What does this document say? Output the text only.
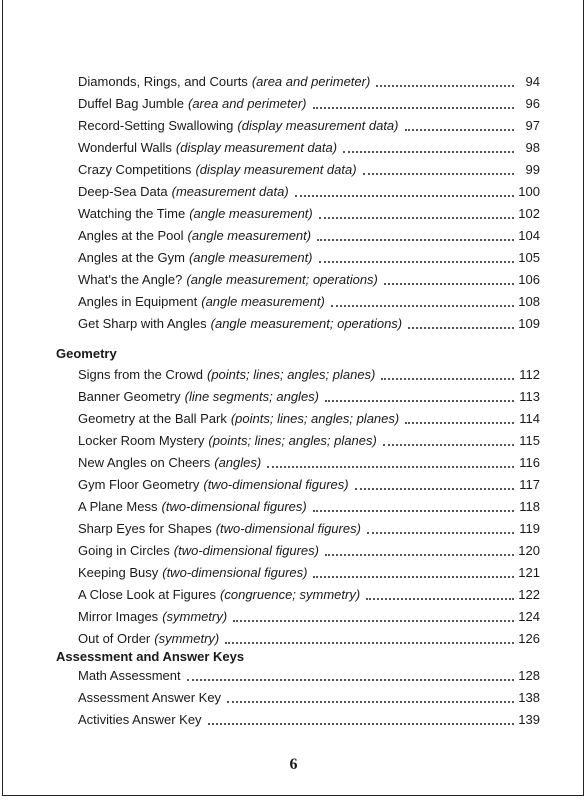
Diamonds, Rings, and Courts (area and perimeter)	94
Duffel Bag Jumble (area and perimeter)	96
Record-Setting Swallowing (display measurement data)	97
Wonderful Walls (display measurement data)	98
Crazy Competitions (display measurement data)	99
Deep-Sea Data (measurement data)	100
Watching the Time (angle measurement)	102
Angles at the Pool (angle measurement)	104
Angles at the Gym (angle measurement)	105
What's the Angle? (angle measurement; operations)	106
Angles in Equipment (angle measurement)	108
Get Sharp with Angles (angle measurement; operations)	109
Geometry
Signs from the Crowd (points; lines; angles; planes)	112
Banner Geometry (line segments; angles)	113
Geometry at the Ball Park (points; lines; angles; planes)	114
Locker Room Mystery (points; lines; angles; planes)	115
New Angles on Cheers (angles)	116
Gym Floor Geometry (two-dimensional figures)	117
A Plane Mess (two-dimensional figures)	118
Sharp Eyes for Shapes (two-dimensional figures)	119
Going in Circles (two-dimensional figures)	120
Keeping Busy (two-dimensional figures)	121
A Close Look at Figures (congruence; symmetry)	122
Mirror Images (symmetry)	124
Out of Order (symmetry)	126
Assessment and Answer Keys
Math Assessment	128
Assessment Answer Key	138
Activities Answer Key	139
6
